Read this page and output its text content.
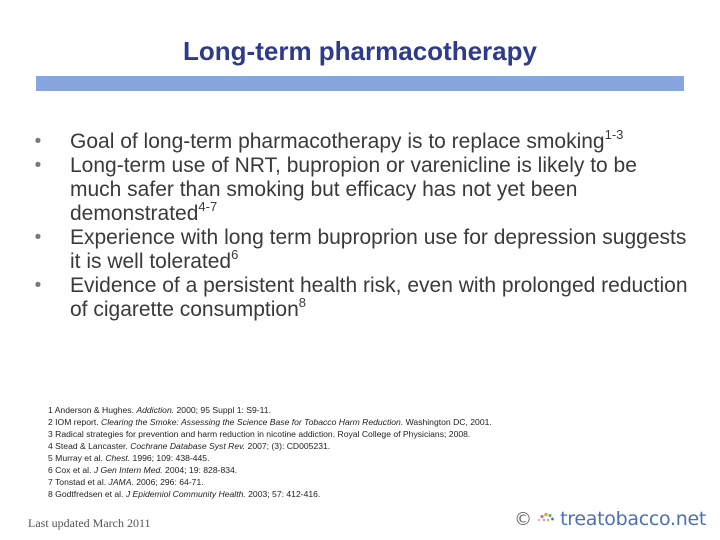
Long-term pharmacotherapy
•	Goal of long-term pharmacotherapy is to replace smoking$^{1-3}$
•	Long-term use of NRT, bupropion or varenicline is likely to be much safer than smoking but efficacy has not yet been demonstrated$^{4-7}$
•	Experience with long term buproprion use for depression suggests it is well tolerated$^6$
•	Evidence of a persistent health risk, even with prolonged reduction of cigarette consumption$^8$
1 Anderson & Hughes. Addiction. 2000; 95 Suppl 1: S9-11.
2 IOM report. Clearing the Smoke: Assessing the Science Base for Tobacco Harm Reduction. Washington DC, 2001.
3 Radical strategies for prevention and harm reduction in nicotine addiction. Royal College of Physicians; 2008.
4 Stead & Lancaster. Cochrane Database Syst Rev. 2007; (3): CD005231.
5 Murray et al. Chest. 1996; 109: 438-445.
6 Cox et al. J Gen Intern Med. 2004; 19: 828-834.
7 Tonstad et al. JAMA. 2006; 296: 64-71.
8 Godtfredsen et al. J Epidemiol Community Health. 2003; 57: 412-416.
Last updated March 2011	© treatobacco.net
